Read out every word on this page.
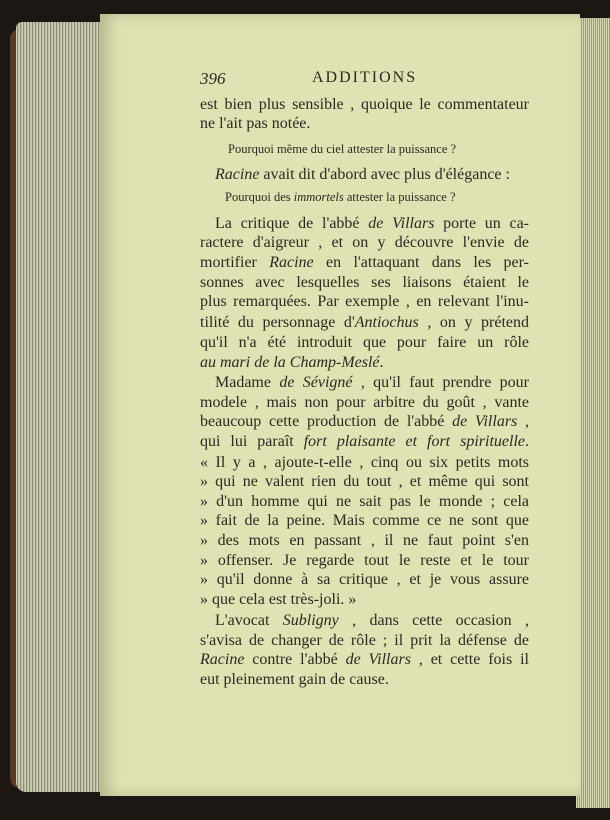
396	ADDITIONS
est bien plus sensible , quoique le commentateur
ne l'ait pas notée.
Pourquoi même du ciel attester la puissance ?
Racine avait dit d'abord avec plus d'élégance :
Pourquoi des immortels attester la puissance ?
La critique de l'abbé de Villars porte un ca-
ractere d'aigreur , et on y découvre l'envie de
mortifier Racine en l'attaquant dans les per-
sonnes avec lesquelles ses liaisons étaient le
plus remarquées. Par exemple , en relevant l'inu-
tilité du personnage d'Antiochus , on y prétend
qu'il n'a été introduit que pour faire un rôle
au mari de la Champ-Meslé.
Madame de Sévigné , qu'il faut prendre pour
modele , mais non pour arbitre du goût , vante
beaucoup cette production de l'abbé de Villars ,
qui lui paraît fort plaisante et fort spirituelle.
« Il y a , ajoute-t-elle , cinq ou six petits mots
» qui ne valent rien du tout , et même qui sont
» d'un homme qui ne sait pas le monde ; cela
» fait de la peine. Mais comme ce ne sont que
» des mots en passant , il ne faut point s'en
» offenser. Je regarde tout le reste et le tour
» qu'il donne à sa critique , et je vous assure
» que cela est très-joli. »
L'avocat Subligny , dans cette occasion ,
s'avisa de changer de rôle ; il prit la défense de
Racine contre l'abbé de Villars , et cette fois il
eut pleinement gain de cause.
